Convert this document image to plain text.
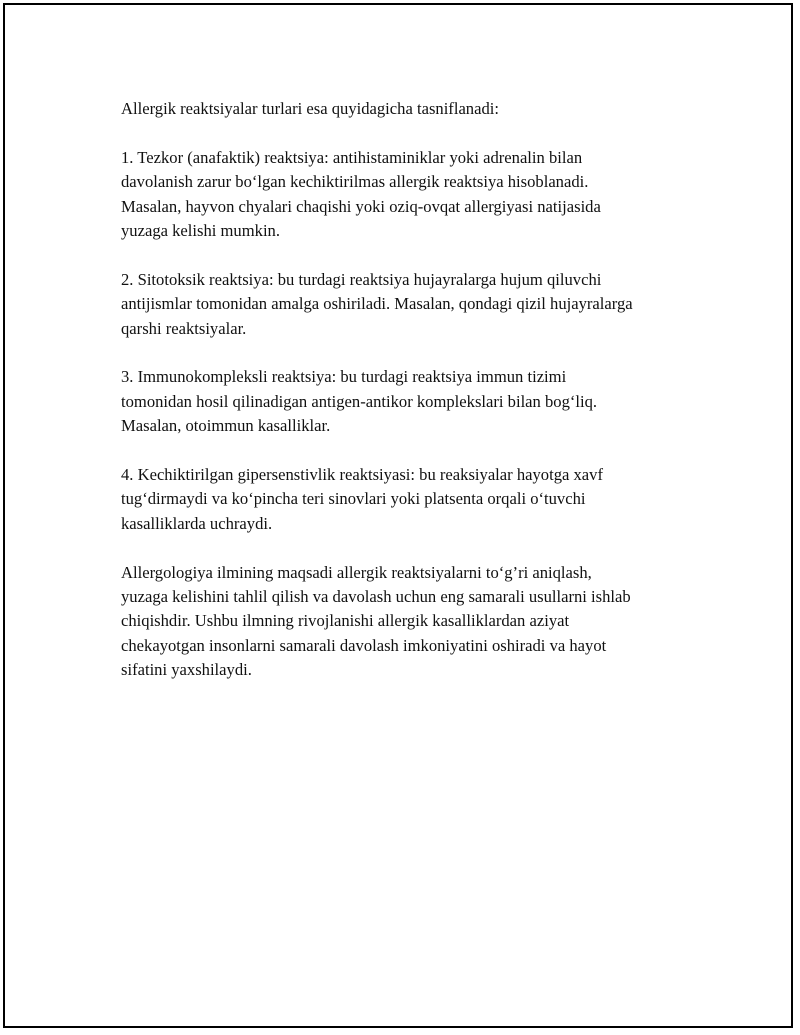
Allergik reaktsiyalar turlari esa quyidagicha tasniflanadi:

1. Tezkor (anafaktik) reaktsiya: antihistaminiklar yoki adrenalin bilan
davolanish zarur bo‘lgan kechiktirilmas allergik reaktsiya hisoblanadi.
Masalan, hayvon chyalari chaqishi yoki oziq-ovqat allergiyasi natijasida
yuzaga kelishi mumkin.

2. Sitotoksik reaktsiya: bu turdagi reaktsiya hujayralarga hujum qiluvchi
antijismlar tomonidan amalga oshiriladi. Masalan, qondagi qizil hujayralarga
qarshi reaktsiyalar.

3. Immunokompleksli reaktsiya: bu turdagi reaktsiya immun tizimi
tomonidan hosil qilinadigan antigen-antikor komplekslari bilan bog‘liq.
Masalan, otoimmun kasalliklar.

4. Kechiktirilgan gipersenstivlik reaktsiyasi: bu reaksiyalar hayotga xavf
tug‘dirmaydi va ko‘pincha teri sinovlari yoki platsenta orqali o‘tuvchi
kasalliklarda uchraydi.

Allergologiya ilmining maqsadi allergik reaktsiyalarni to‘g’ri aniqlash,
yuzaga kelishini tahlil qilish va davolash uchun eng samarali usullarni ishlab
chiqishdir. Ushbu ilmning rivojlanishi allergik kasalliklardan aziyat
chekayotgan insonlarni samarali davolash imkoniyatini oshiradi va hayot
sifatini yaxshilaydi.
